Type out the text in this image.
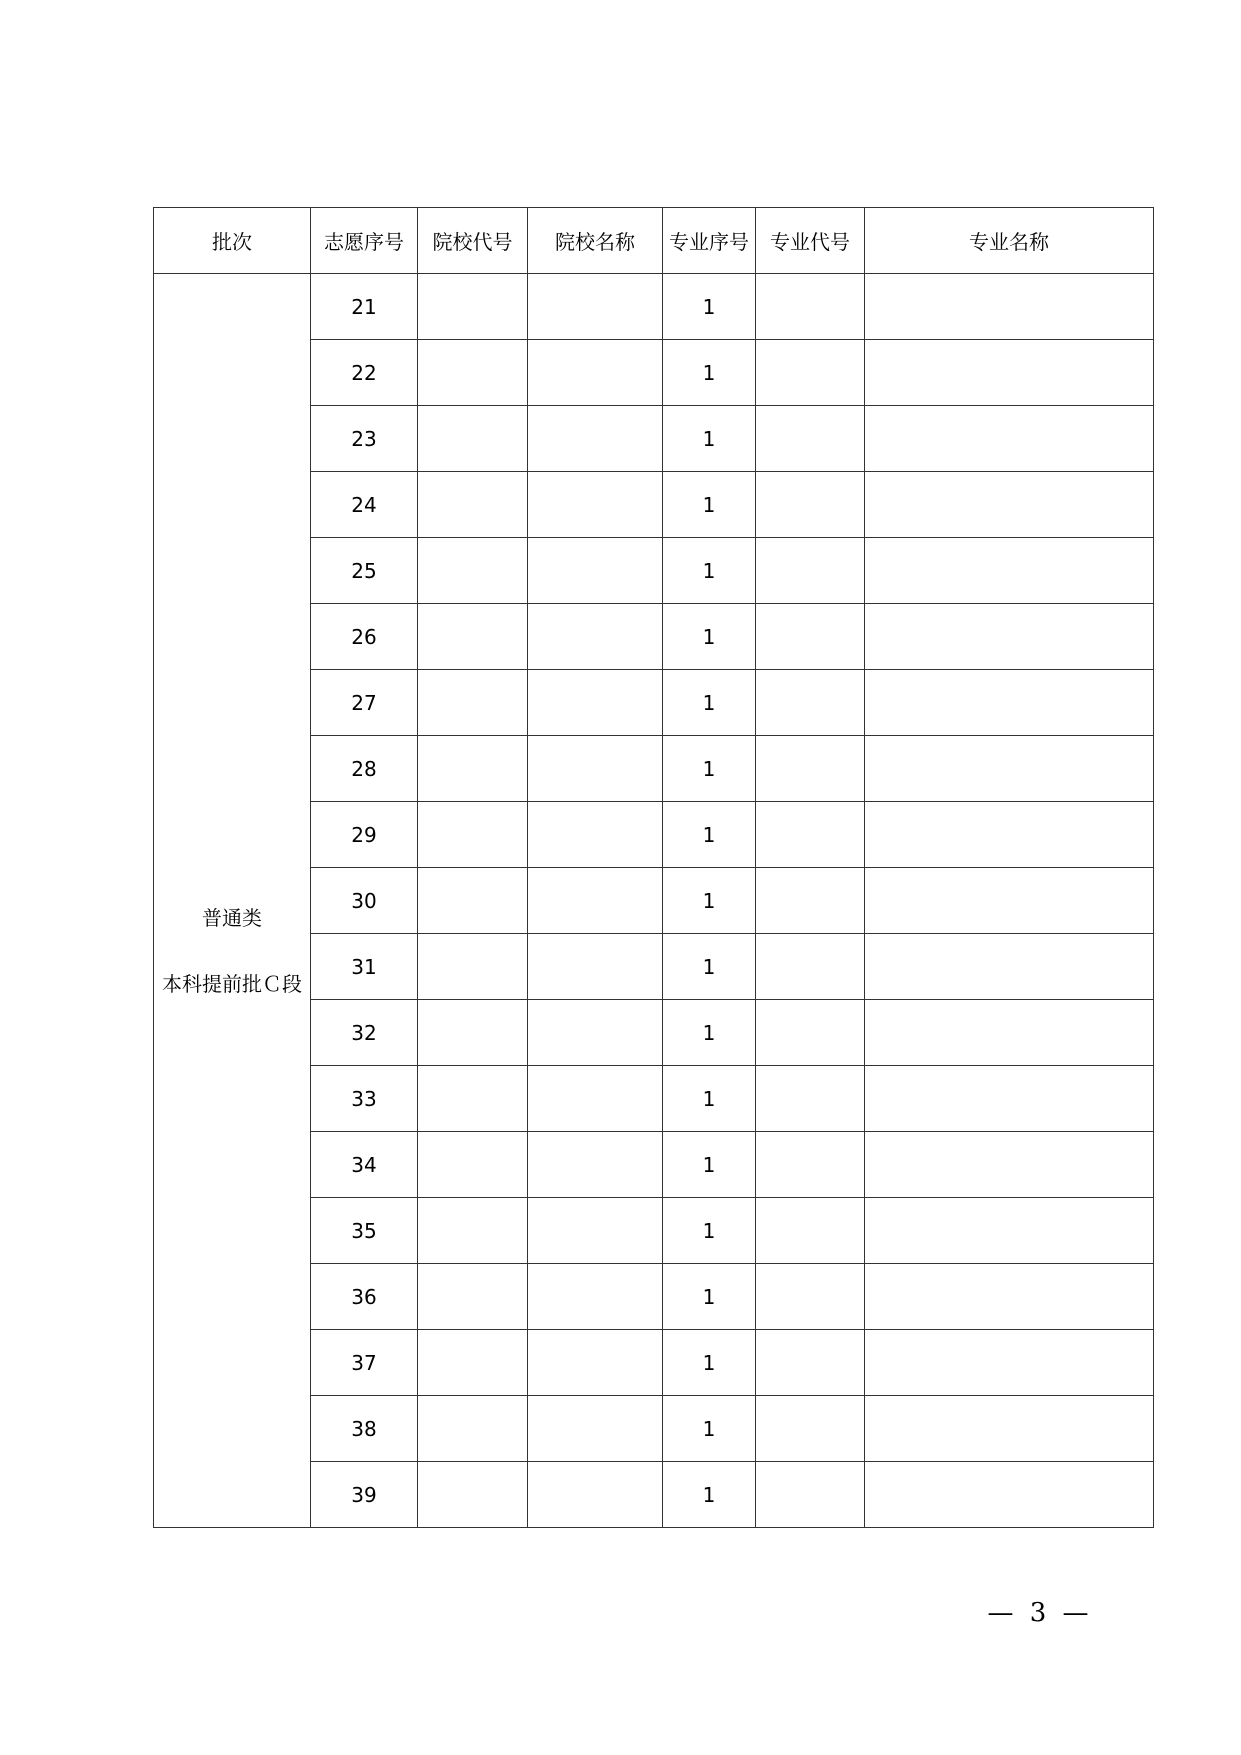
批次	志愿序号	院校代号	院校名称	专业序号	专业代号	专业名称

普通类
本科提前批Ｃ段	21			1		
	22			1		
	23			1		
	24			1		
	25			1		
	26			1		
	27			1		
	28			1		
	29			1		
	30			1		
	31			1		
	32			1		
	33			1		
	34			1		
	35			1		
	36			1		
	37			1		
	38			1		
	39			1		
— 3 —
